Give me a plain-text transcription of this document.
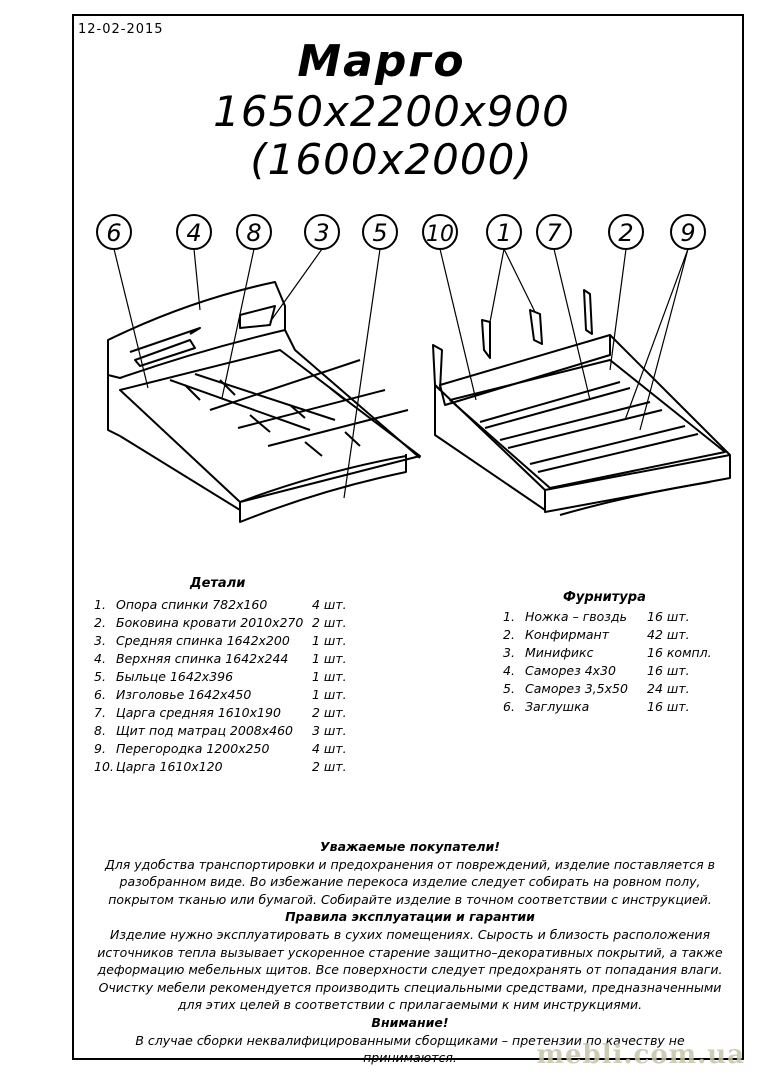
12-02-2015
Марго
1650x2200x900
(1600x2000)
6	4 8 3 5 10 1 7 2 9
Детали
1. Опора спинки 782х160	4 шт.
2. Боковина кровати 2010х270 2 шт.
3. Средняя спинка 1642х200	1 шт.
4. Верхняя спинка 1642х244	1 шт.
5. Быльце 1642х396	1 шт.
6. Изголовье 1642х450	1 шт.
7. Царга средняя 1610х190	2 шт.
8. Щит под матрац 2008х460	3 шт.
9. Перегородка 1200х250	4 шт.
10. Царга 1610х120	2 шт.
Фурнитура
1. Ножка – гвоздь	16 шт.
2. Конфирмант	42 шт.
3. Минификс	16 компл.
4. Саморез 4х30	16 шт.
5. Саморез 3,5х50	24 шт.
6. Заглушка	16 шт.
Уважаемые покупатели!
Для удобства транспортировки и предохранения от повреждений, изделие поставляется в разобранном виде. Во избежание перекоса изделие следует собирать на ровном полу, покрытом тканью или бумагой. Собирайте изделие в точном соответствии с инструкцией.
Правила эксплуатации и гарантии
Изделие нужно эксплуатировать в сухих помещениях. Сырость и близость расположения источников тепла вызывает ускоренное старение защитно–декоративных покрытий, а также деформацию мебельных щитов. Все поверхности следует предохранять от попадания влаги. Очистку мебели рекомендуется производить специальными средствами, предназначенными для этих целей в соответствии с прилагаемыми к ним инструкциями.
Внимание!
В случае сборки неквалифицированными сборщиками – претензии по качеству не принимаются.	mebli.com.ua
